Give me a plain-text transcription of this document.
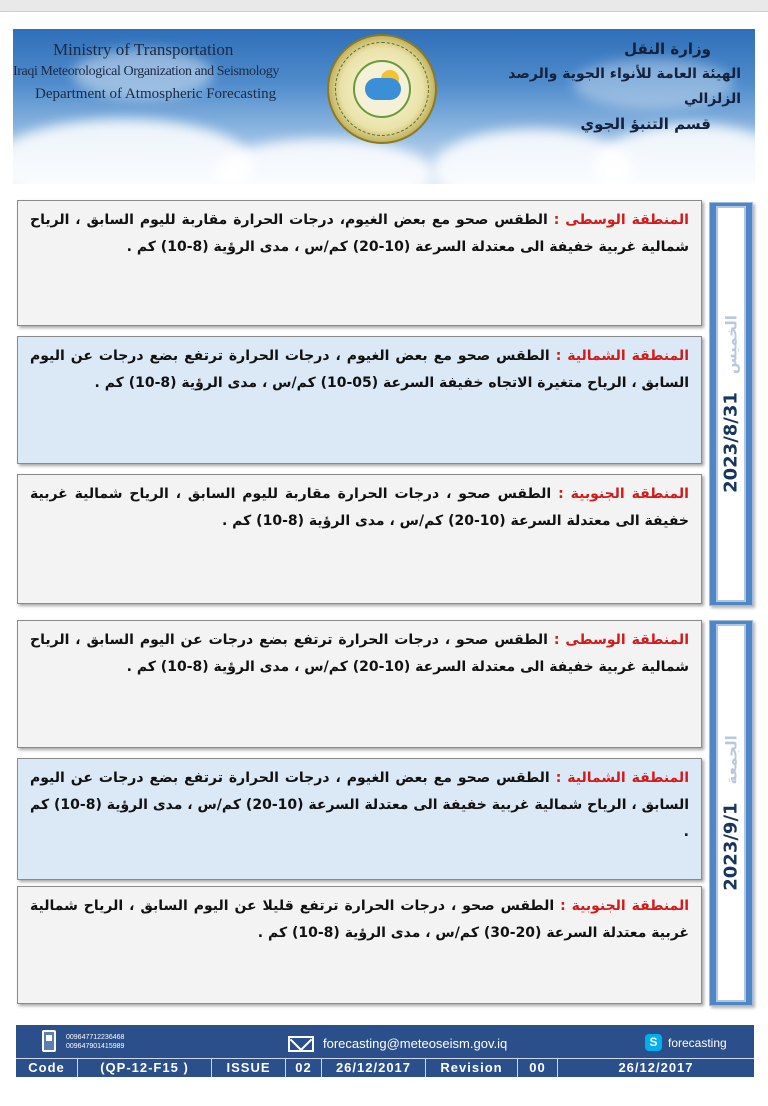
Ministry of Transportation
Iraqi Meteorological Organization and Seismology
Department of Atmospheric Forecasting
وزارة النقل
الهيئة العامة للأنواء الجوية والرصد الزلزالي
قسم التنبؤ الجوي
المنطقة الوسطى : الطقس صحو مع بعض الغيوم، درجات الحرارة مقاربة لليوم السابق ، الرياح شمالية غربية خفيفة الى معتدلة السرعة (10-20) كم/س ، مدى الرؤية (8-10) كم .
المنطقة الشمالية : الطقس صحو مع بعض الغيوم ، درجات الحرارة ترتفع بضع درجات عن اليوم السابق ، الرياح متغيرة الاتجاه خفيفة السرعة (05-10) كم/س ، مدى الرؤية (8-10) كم .
المنطقة الجنوبية : الطقس صحو ، درجات الحرارة مقاربة لليوم السابق ، الرياح شمالية غربية خفيفة الى معتدلة السرعة (10-20) كم/س ، مدى الرؤية (8-10) كم .
2023/8/31الخميس
المنطقة الوسطى : الطقس صحو ، درجات الحرارة ترتفع بضع درجات عن اليوم السابق ، الرياح شمالية غربية خفيفة الى معتدلة السرعة (10-20) كم/س ، مدى الرؤية (8-10) كم .
المنطقة الشمالية : الطقس صحو مع بعض الغيوم ، درجات الحرارة ترتفع بضع درجات عن اليوم السابق ، الرياح شمالية غربية خفيفة الى معتدلة السرعة (10-20) كم/س ، مدى الرؤية (8-10) كم .
المنطقة الجنوبية : الطقس صحو ، درجات الحرارة ترتفع قليلا عن اليوم السابق ، الرياح شمالية غربية معتدلة السرعة (20-30) كم/س ، مدى الرؤية (8-10) كم .
2023/9/1الجمعة
009647712236468
009647901415989	forecasting@meteoseism.gov.iq	S forecasting
Code	(QP-12-F15 )	ISSUE	02	26/12/2017	Revision	00	26/12/2017
